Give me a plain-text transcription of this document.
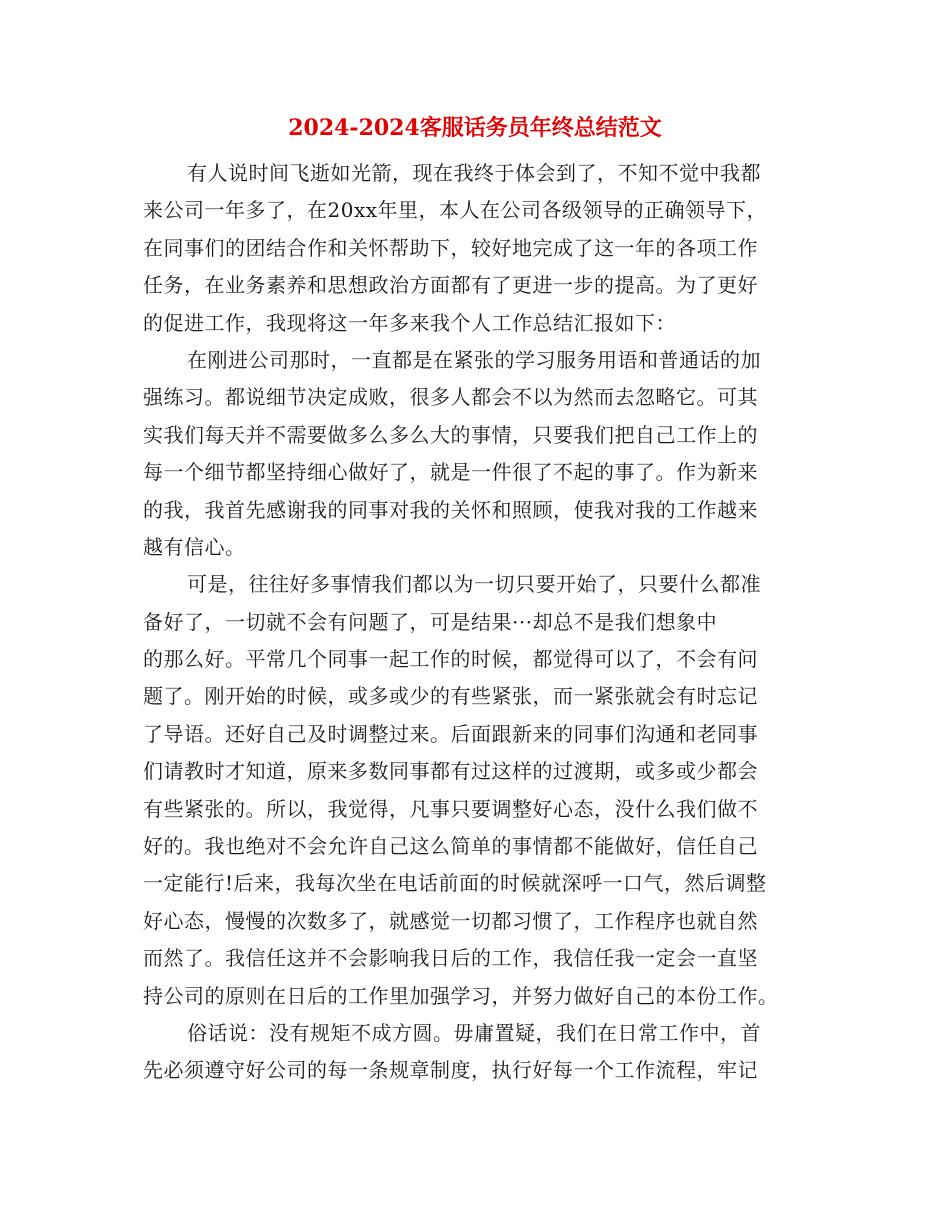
2024-2024客服话务员年终总结范文
有人说时间飞逝如光箭，现在我终于体会到了，不知不觉中我都
来公司一年多了，在20xx年里，本人在公司各级领导的正确领导下，
在同事们的团结合作和关怀帮助下，较好地完成了这一年的各项工作
任务，在业务素养和思想政治方面都有了更进一步的提高。为了更好
的促进工作，我现将这一年多来我个人工作总结汇报如下：
在刚进公司那时，一直都是在紧张的学习服务用语和普通话的加
强练习。都说细节决定成败，很多人都会不以为然而去忽略它。可其
实我们每天并不需要做多么多么大的事情，只要我们把自己工作上的
每一个细节都坚持细心做好了，就是一件很了不起的事了。作为新来
的我，我首先感谢我的同事对我的关怀和照顾，使我对我的工作越来
越有信心。
可是，往往好多事情我们都以为一切只要开始了，只要什么都准
备好了，一切就不会有问题了，可是结果···却总不是我们想象中
的那么好。平常几个同事一起工作的时候，都觉得可以了，不会有问
题了。刚开始的时候，或多或少的有些紧张，而一紧张就会有时忘记
了导语。还好自己及时调整过来。后面跟新来的同事们沟通和老同事
们请教时才知道，原来多数同事都有过这样的过渡期，或多或少都会
有些紧张的。所以，我觉得，凡事只要调整好心态，没什么我们做不
好的。我也绝对不会允许自己这么简单的事情都不能做好，信任自己
一定能行!后来，我每次坐在电话前面的时候就深呼一口气，然后调整
好心态，慢慢的次数多了，就感觉一切都习惯了，工作程序也就自然
而然了。我信任这并不会影响我日后的工作，我信任我一定会一直坚
持公司的原则在日后的工作里加强学习，并努力做好自己的本份工作。
俗话说：没有规矩不成方圆。毋庸置疑，我们在日常工作中，首
先必须遵守好公司的每一条规章制度，执行好每一个工作流程，牢记
